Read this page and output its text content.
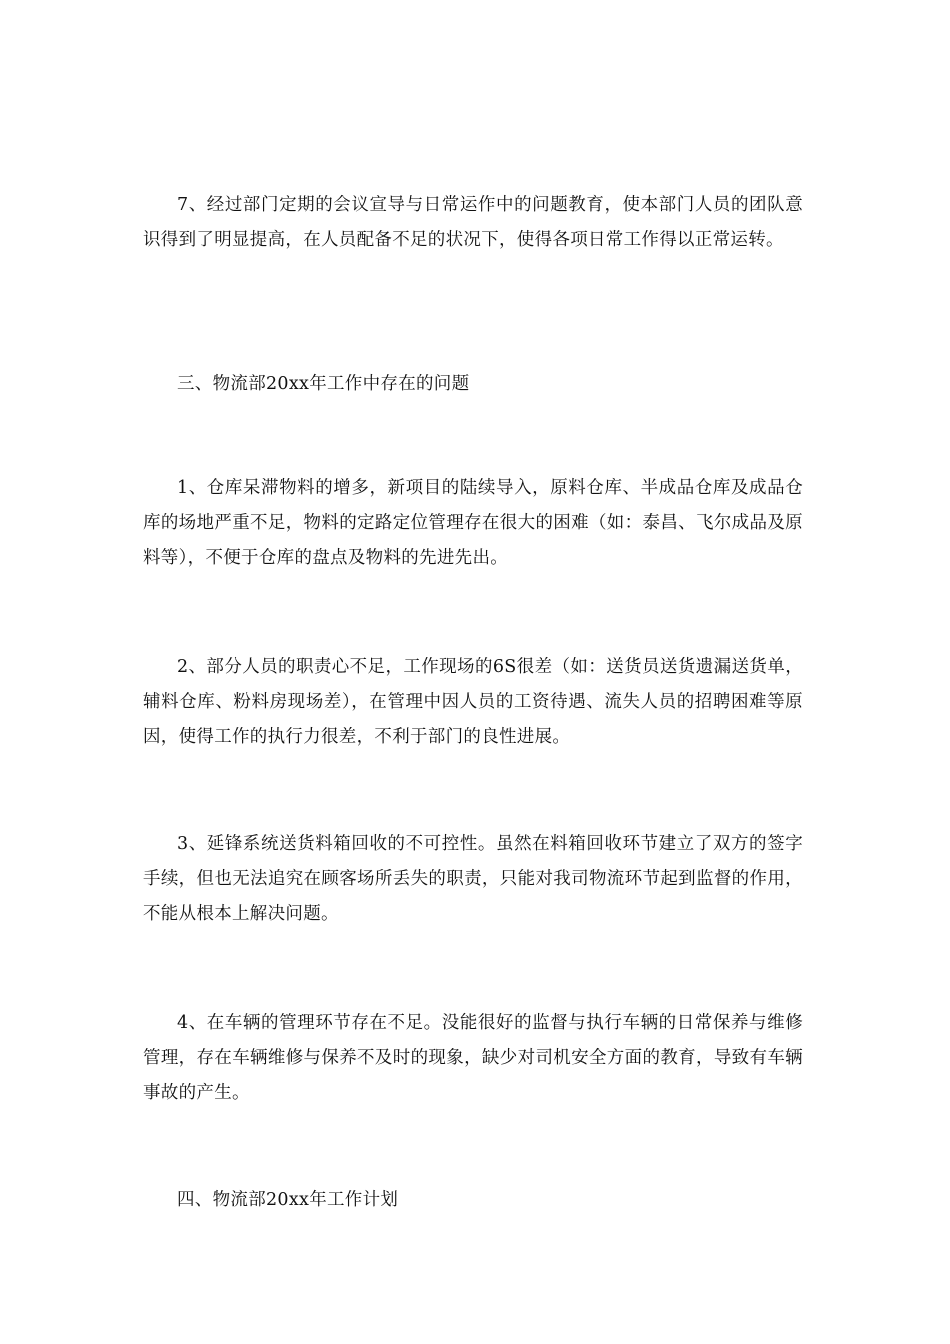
7、经过部门定期的会议宣导与日常运作中的问题教育，使本部门人员的团队意识得到了明显提高，在人员配备不足的状况下，使得各项日常工作得以正常运转。

三、物流部20xx年工作中存在的问题

1、仓库呆滞物料的增多，新项目的陆续导入，原料仓库、半成品仓库及成品仓库的场地严重不足，物料的定路定位管理存在很大的困难（如：泰昌、飞尔成品及原料等），不便于仓库的盘点及物料的先进先出。

2、部分人员的职责心不足，工作现场的6S很差（如：送货员送货遗漏送货单，辅料仓库、粉料房现场差），在管理中因人员的工资待遇、流失人员的招聘困难等原因，使得工作的执行力很差，不利于部门的良性进展。

3、延锋系统送货料箱回收的不可控性。虽然在料箱回收环节建立了双方的签字手续，但也无法追究在顾客场所丢失的职责，只能对我司物流环节起到监督的作用，不能从根本上解决问题。

4、在车辆的管理环节存在不足。没能很好的监督与执行车辆的日常保养与维修管理，存在车辆维修与保养不及时的现象，缺少对司机安全方面的教育，导致有车辆事故的产生。

四、物流部20xx年工作计划
